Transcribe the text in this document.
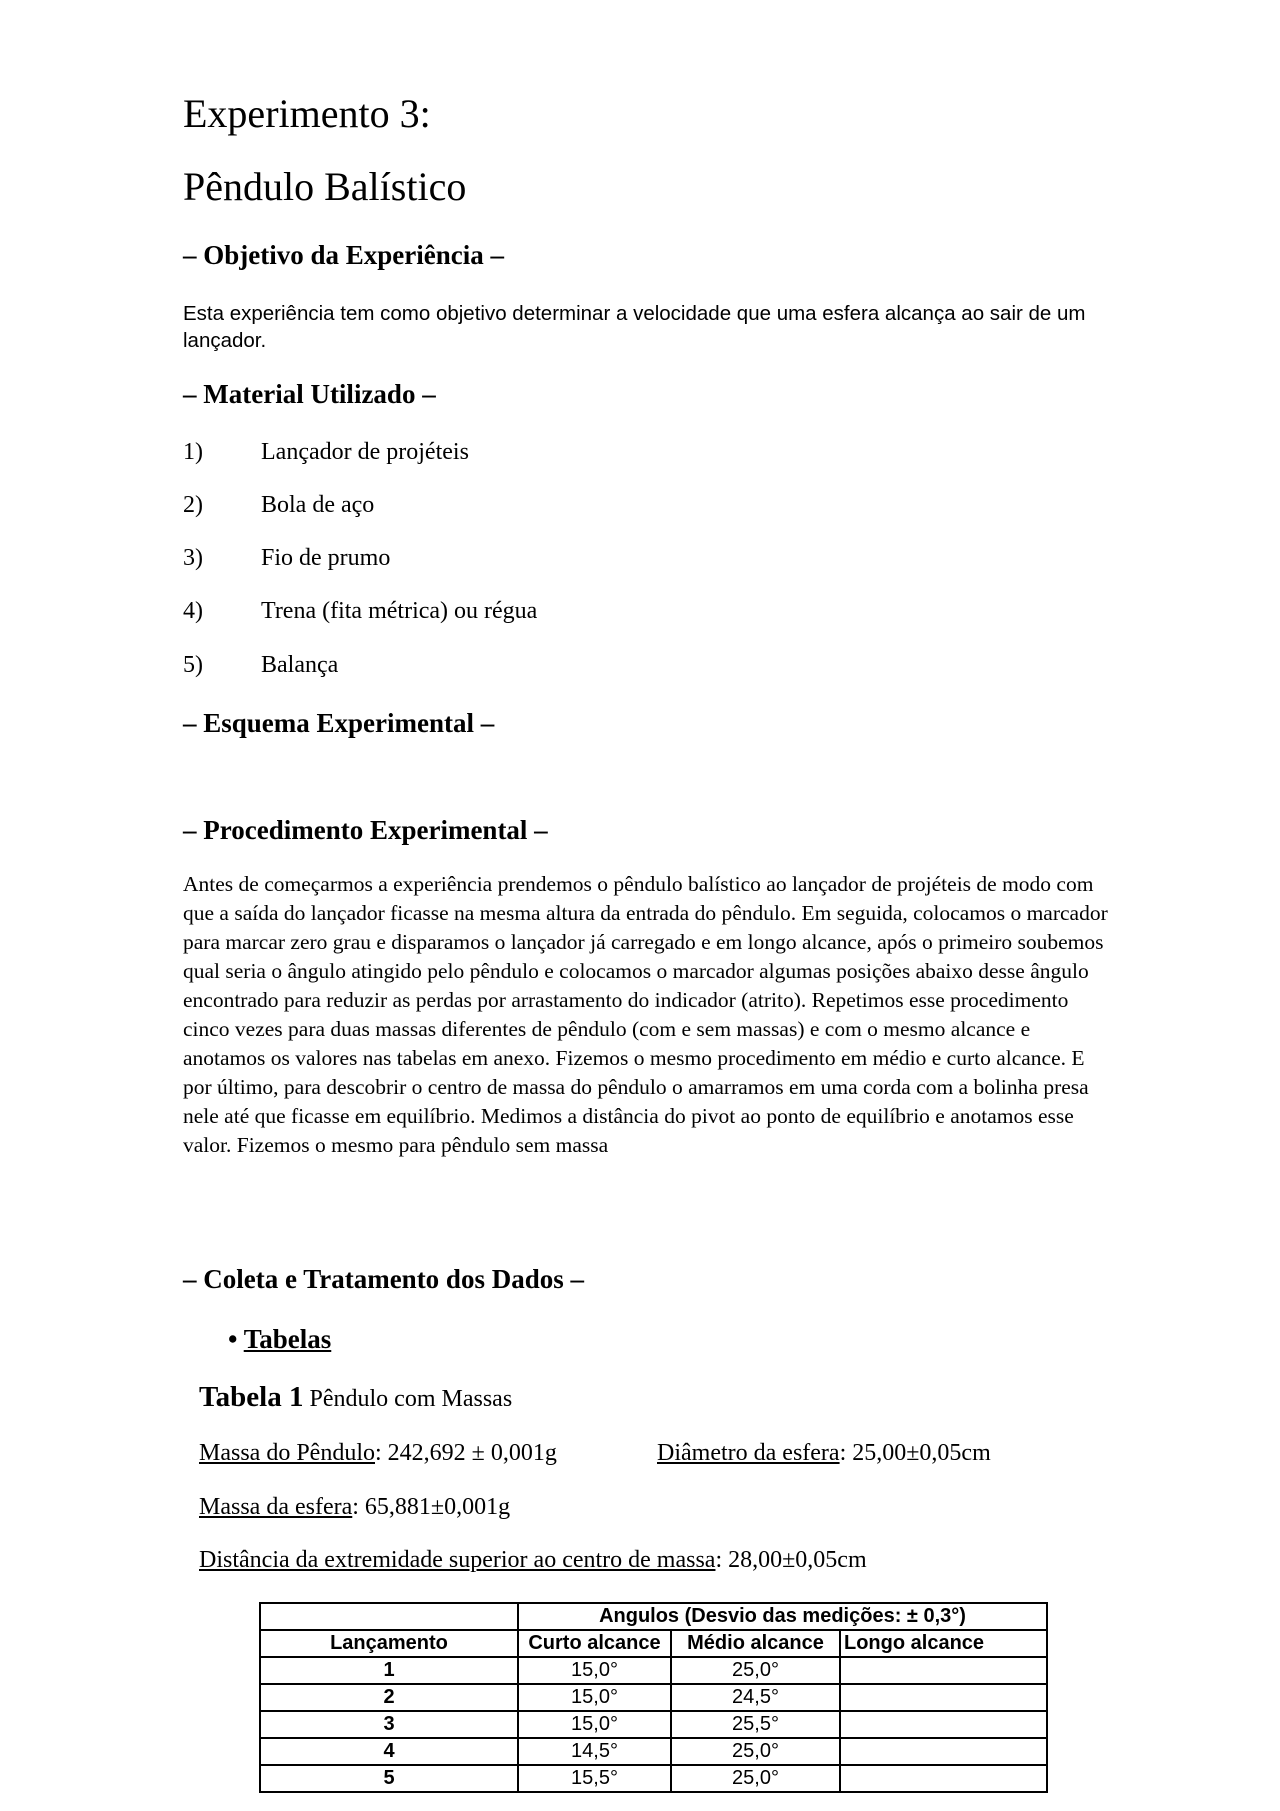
Experimento 3:
Pêndulo Balístico
– Objetivo da Experiência –
Esta experiência tem como objetivo determinar a velocidade que uma esfera alcança ao sair de um lançador.
– Material Utilizado –
1) Lançador de projéteis
2) Bola de aço
3) Fio de prumo
4) Trena (fita métrica) ou régua
5) Balança
– Esquema Experimental –
– Procedimento Experimental –
Antes de começarmos a experiência prendemos o pêndulo balístico ao lançador de projéteis de modo com que a saída do lançador ficasse na mesma altura da entrada do pêndulo. Em seguida, colocamos o marcador para marcar zero grau e disparamos o lançador já carregado e em longo alcance, após o primeiro soubemos qual seria o ângulo atingido pelo pêndulo e colocamos o marcador algumas posições abaixo desse ângulo encontrado para reduzir as perdas por arrastamento do indicador (atrito). Repetimos esse procedimento cinco vezes para duas massas diferentes de pêndulo (com e sem massas) e com o mesmo alcance e anotamos os valores nas tabelas em anexo. Fizemos o mesmo procedimento em médio e curto alcance. E por último, para descobrir o centro de massa do pêndulo o amarramos em uma corda com a bolinha presa nele até que ficasse em equilíbrio. Medimos a distância do pivot ao ponto de equilíbrio e anotamos esse valor. Fizemos o mesmo para pêndulo sem massa
– Coleta e Tratamento dos Dados –
• Tabelas
Tabela 1 Pêndulo com Massas
Massa do Pêndulo: 242,692 ± 0,001g	Diâmetro da esfera: 25,00±0,05cm
Massa da esfera: 65,881±0,001g
Distância da extremidade superior ao centro de massa: 28,00±0,05cm
	Angulos (Desvio das medições: ± 0,3°)		
Lançamento	Curto alcance	Médio alcance	Longo alcance
1	15,0°	25,0°	
2	15,0°	24,5°	
3	15,0°	25,5°	
4	14,5°	25,0°	
5	15,5°	25,0°	
